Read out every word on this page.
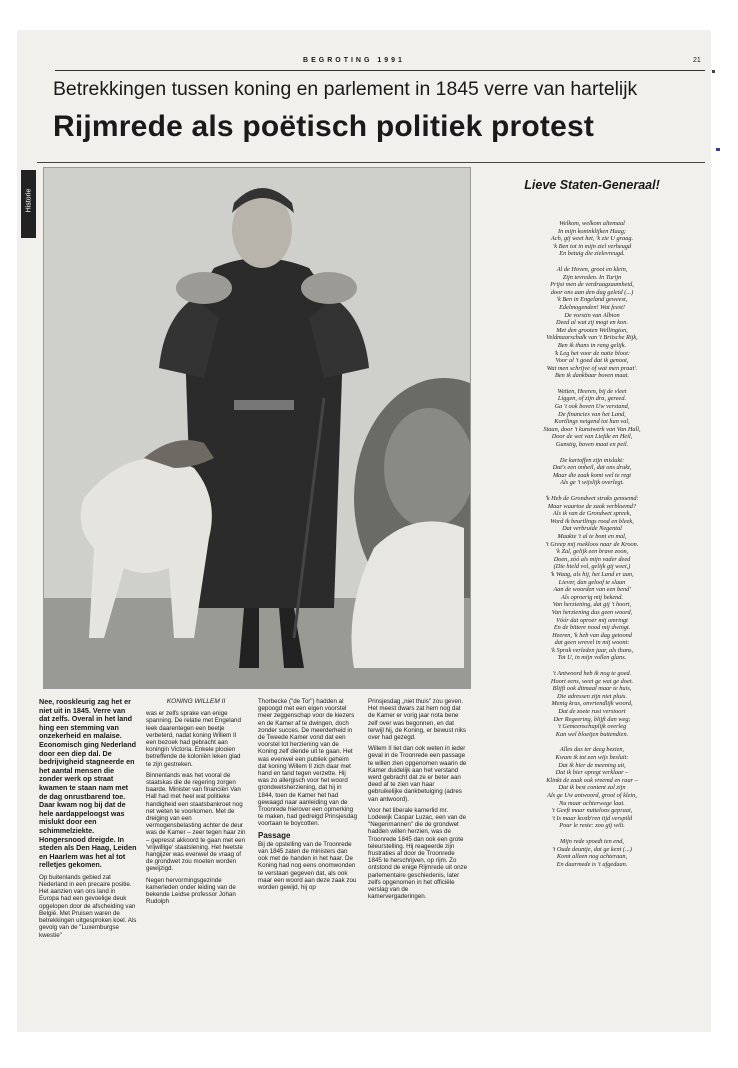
BEGROTING 1991	21
Betrekkingen tussen koning en parlement in 1845 verre van hartelijk
Rijmrede als poëtisch politiek protest
Historie
Lieve Staten-Generaal!
Welkom, welkom altemaal
In mijn koninklijken Haag;
Ach, gij weet het, 'k zie U graag.
'k Ben tot in mijn ziel verheugd
En betuig die zielevreugd.
Al de Hoven, groot en klein,
Zijn tevreden. In Turijn
Prijst men de verdraagzaamheid,
door ons aan den dag geleid (...)
'k Ben in Engeland geweest,
Edelmogenden! Wat feest!
De vorstin van Albion
Deed al wat zij mogt en kon.
Met den grooten Wellington,
Veldmaarschalk van 't Britsche Rijk,
Ben ik thans in rang gelijk.
'k Leg het voor de natie bloot:
Voor al 't goed dat ik genoot,
Wat men schrijve of wat men praat'.
Ben ik dankbaar boven maat.
Wetten, Heeren, bij de vleet
Liggen, of zijn dra, gereed.
Ga 't ook boven Uw verstand,
De financies van het Land,
Kortlings neigend tot hun val,
Staan, door 't kunstwerk van Van Hall,
Door de wet van Liefde en Heil,
Gunstig, boven maat en peil.
De kartoffen zijn mislukt:
Dat's een onheil, dat ons drukt,
Maar die zaak komt wel te regt
Als ge 't wijslijk overlegt.
'k Heb de Grondwet straks genoemd:
Maar waartoe de zaak verbloemd?
Als ik van de Grondwet spreek,
Word ik beurtlings rood en bleek,
Dat verbruide Negental
Maakte 't al te bont en mal,
't Greep mij roekloos naar de Kroon.
'k Zal, gelijk een brave zoon,
Doen, zóó als mijn vader deed
(Die hield vol, gelijk gij weet,)
'k Waag, als hij, het Land er aan,
Liever, dan geloof te slaan
Aan de woorden van een bend'
Als oproerig mij bekend.
Van herziening, dat gij 't hoort,
Van herziening dus geen woord,
Vóór dat oproer mij omringt
En de bittere nood mij dwingt.
Heeren, 'k heb van dag getoond
dat geen wrevel in mij woont:
'k Sprak verleden jaar, als thans,
Tot U, in mijn vollen glans.
't Antwoord heb ik nog te goed.
Hoort eens, weet ge wat ge doet.
Blijft ook ditmaal maar te huis,
Die adressen zijn niet pluis.
Menig kras, onvriendlijk woord,
Dat de zoete rust verstoort
Der Regeering, blijft dan weg;
't Gemeenschaplijk overleg
Kan wel bloeijen buitendien.
Alles dus ter deeg bezien,
Kwam ik tot een wijs besluit:
Dat ik hier de meening uit,
Dat ik hier opregt verklaar –
Klinkt de zaak ook vreemd en raar –
Dat ik best content zal zijn
Als ge Uw antwoord, groot of klein,
Nu maar achterwege laat.
't Geeft maar nutteloos gepraat,
't Is maar kostb'ren tijd verspild
Pour le reste: zoo gij wilt.
Mijn rede spoedt ten end,
't Oude deuntje, dat ge kent (...)
Komt alleen nog achteraan,
En daarmede is 't afgedaan.

Nee, rooskleurig zag het er niet uit in 1845. Verre van dat zelfs. Overal in het land hing een stemming van onzekerheid en malaise. Economisch ging Nederland door een diep dal. De bedrijvigheid stagneerde en het aantal mensen die zonder werk op straat kwamen te staan nam met de dag onrustbarend toe. Daar kwam nog bij dat de hele aardappeloogst was mislukt door een schimmelziekte. Hongersnood dreigde. In steden als Den Haag, Leiden en Haarlem was het al tot relletjes gekomen.

Op buitenlands gebied zat Nederland in een precaire positie. Het aanzien van ons land in Europa had een gevoelige deuk opgelopen door de afscheiding van België. Met Pruisen waren de betrekkingen uitgesproken koel. Als gevolg van de "Luxemburgse kwestie"

KONING WILLEM II

was er zelfs sprake van enige spanning. De relatie met Engeland leek daarentegen een beetje verbeterd, nadat koning Willem II een bezoek had gebracht aan koningin Victoria. Enkele plooien betreffende de koloniën leken glad te zijn gestreken.

Binnenlands was het vooral de staatskas die de regering zorgen baarde. Minister van financiën Van Hall had met heel wat politieke handigheid een staatsbankroet nog net weten te voorkomen. Met de dreiging van een vermogensbelasting achter de deur was de Kamer – zeer tegen haar zin – gepresst akkoord te gaan met een 'vrijwillige' staatslening. Het heetste hangijzer was evenwel de vraag of de grondwet zou moeten worden gewijzigd.

Negen hervormingsgezinde kamerleden onder leiding van de bekende Leidse professor Johan Rudolph

Thorbecke ("de Tor") hadden al gepoogd met een eigen voorstel meer zeggenschap voor de kiezers en de Kamer af te dwingen, doch zonder succes. De meerderheid in de Tweede Kamer vond dat een voorstel tot herziening van de Koning zelf diende uit te gaan. Het was evenwel een publiek geheim dat koning Willem II zich daar met hand en tand tegen verzette. Hij was zo allergisch voor het woord grondwetsherziening, dat hij in 1844, toen de Kamer het had gewaagd naar aanleiding van de Troonrede hierover een opmerking te maken, had gedreigd Prinsjesdag voortaan te boycotten.

Passage

Bij de opstelling van de Troonrede van 1845 zaten de ministers dan ook met de handen in het haar. De Koning had nog eens onomwonden te verstaan gegeven dat, als ook maar een woord aan deze zaak zou worden gewijd, hij op

Prinsjesdag „niet thuis" zou geven. Het meest dwars zat hem nog dat de Kamer er vorig jaar nota bene zelf over was begonnen, en dat terwijl hij, de Koning, er bewust niks over had gezegd.

Willem II liet dan ook weten in ieder geval in de Troonrede een passage te willen zien opgenomen waarin de Kamer duidelijk aan het verstand werd gebracht dat ze er beter aan deed af te zien van haar gebruikelijke dankbetuiging (adres van antwoord).

Voor het liberale kamerlid mr. Lodewijk Caspar Luzac, een van de "Negenmannen" die de grondwet hadden willen herzien, was de Troonrede 1845 dan ook een grote teleurstelling. Hij reageerde zijn frustraties af door de Troonrede 1845 te herschrijven, op rijm. Zo ontstond de enige Rijmrede uit onze parlementaire geschiedenis, later zelfs opgenomen in het officiële verslag van de kamervergaderingen.
